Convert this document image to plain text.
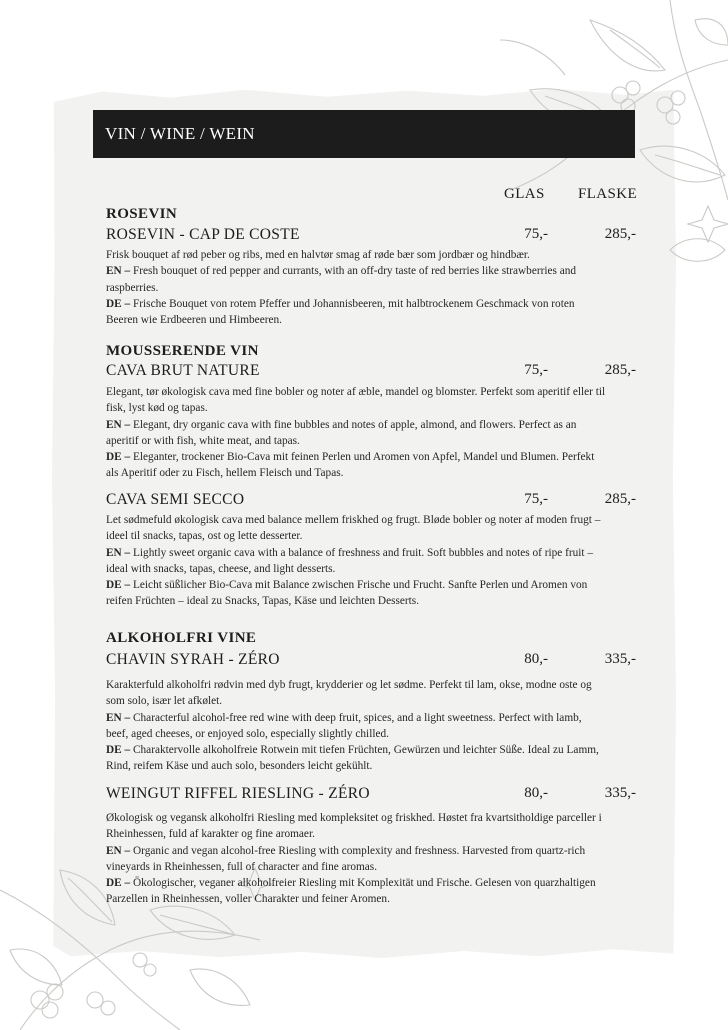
VIN / WINE / WEIN
GLAS FLASKE
ROSEVIN
ROSEVIN - CAP DE COSTE	75,-	285,-

Frisk bouquet af rød peber og ribs, med en halvtør smag af røde bær som jordbær og hindbær.

EN – Fresh bouquet of red pepper and currants, with an off-dry taste of red berries like strawberries and raspberries.

DE – Frische Bouquet von rotem Pfeffer und Johannisbeeren, mit halbtrockenem Geschmack von roten Beeren wie Erdbeeren und Himbeeren.

MOUSSERENDE VIN
CAVA BRUT NATURE	75,-	285,-

Elegant, tør økologisk cava med fine bobler og noter af æble, mandel og blomster. Perfekt som aperitif eller til fisk, lyst kød og tapas.

EN – Elegant, dry organic cava with fine bubbles and notes of apple, almond, and flowers. Perfect as an aperitif or with fish, white meat, and tapas.

DE – Eleganter, trockener Bio-Cava mit feinen Perlen und Aromen von Apfel, Mandel und Blumen. Perfekt als Aperitif oder zu Fisch, hellem Fleisch und Tapas.

CAVA SEMI SECCO	75,-	285,-

Let sødmefuld økologisk cava med balance mellem friskhed og frugt. Bløde bobler og noter af moden frugt – ideel til snacks, tapas, ost og lette desserter.

EN – Lightly sweet organic cava with a balance of freshness and fruit. Soft bubbles and notes of ripe fruit – ideal with snacks, tapas, cheese, and light desserts.

DE – Leicht süßlicher Bio-Cava mit Balance zwischen Frische und Frucht. Sanfte Perlen und Aromen von reifen Früchten – ideal zu Snacks, Tapas, Käse und leichten Desserts.

ALKOHOLFRI VINE
CHAVIN SYRAH - ZÉRO	80,-	335,-

Karakterfuld alkoholfri rødvin med dyb frugt, krydderier og let sødme. Perfekt til lam, okse, modne oste og som solo, især let afkølet.

EN – Characterful alcohol-free red wine with deep fruit, spices, and a light sweetness. Perfect with lamb, beef, aged cheeses, or enjoyed solo, especially slightly chilled.

DE – Charaktervolle alkoholfreie Rotwein mit tiefen Früchten, Gewürzen und leichter Süße. Ideal zu Lamm, Rind, reifem Käse und auch solo, besonders leicht gekühlt.

WEINGUT RIFFEL RIESLING - ZÉRO	80,-	335,-

Økologisk og vegansk alkoholfri Riesling med kompleksitet og friskhed. Høstet fra kvartsitholdige parceller i Rheinhessen, fuld af karakter og fine aromaer.

EN – Organic and vegan alcohol-free Riesling with complexity and freshness. Harvested from quartz-rich vineyards in Rheinhessen, full of character and fine aromas.

DE – Ökologischer, veganer alkoholfreier Riesling mit Komplexität und Frische. Gelesen von quarzhaltigen Parzellen in Rheinhessen, voller Charakter und feiner Aromen.
